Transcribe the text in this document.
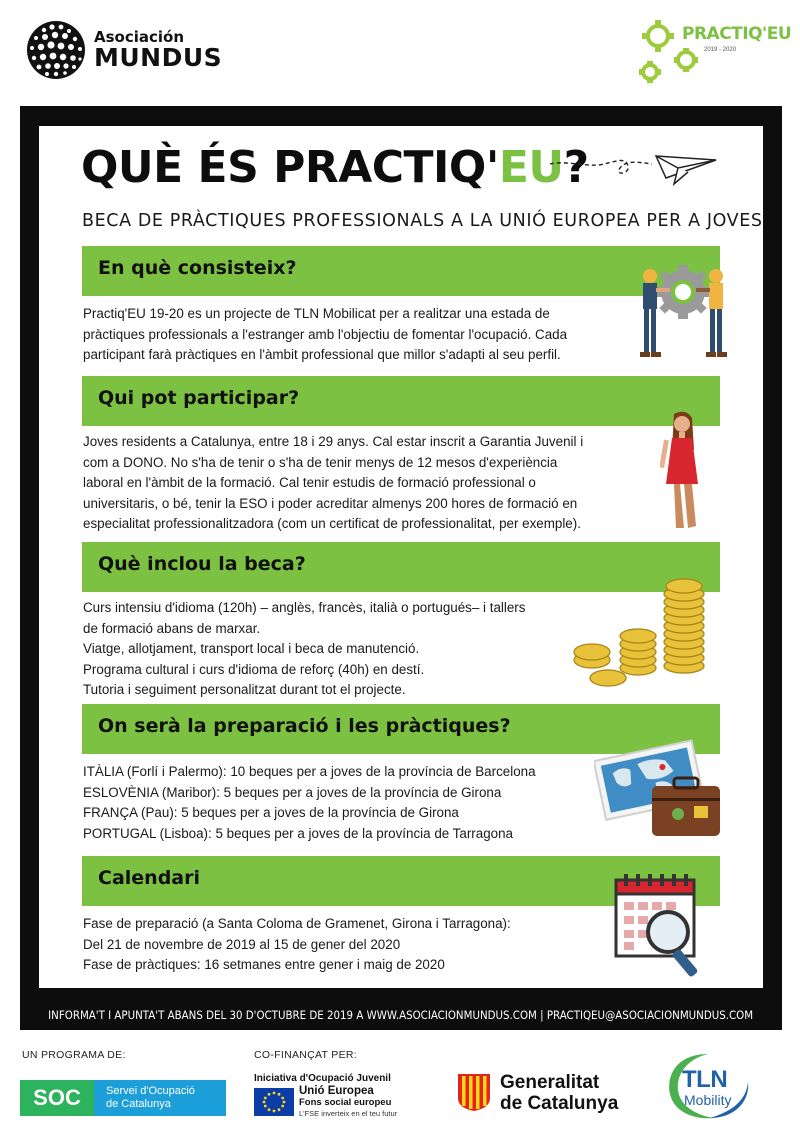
Asociación
MUNDUS
PRACTIQ'EU
2019 - 2020
QUÈ ÉS PRACTIQ'EU?
BECA DE PRÀCTIQUES PROFESSIONALS A LA UNIÓ EUROPEA PER A JOVES
En què consisteix?

Practiq'EU 19-20 es un projecte de TLN Mobilicat per a realitzar una estada de

pràctiques professionals a l'estranger amb l'objectiu de fomentar l'ocupació. Cada

participant farà pràctiques en l'àmbit professional que millor s'adapti al seu perfil.

Qui pot participar?

Joves residents a Catalunya, entre 18 i 29 anys. Cal estar inscrit a Garantia Juvenil i

com a DONO. No s'ha de tenir o s'ha de tenir menys de 12 mesos d'experiència

laboral en l'àmbit de la formació. Cal tenir estudis de formació professional o

universitaris, o bé, tenir la ESO i poder acreditar almenys 200 hores de formació en

especialitat professionalitzadora (com un certificat de professionalitat, per exemple).

Què inclou la beca?

Curs intensiu d'idioma (120h) – anglès, francès, italià o portugués– i tallers

de formació abans de marxar.

Viatge, allotjament, transport local i beca de manutenció.

Programa cultural i curs d'idioma de reforç (40h) en destí.

Tutoria i seguiment personalitzat durant tot el projecte.

On serà la preparació i les pràctiques?

ITÀLIA (Forlí i Palermo): 10 beques per a joves de la província de Barcelona

ESLOVÈNIA (Maribor): 5 beques per a joves de la província de Girona

FRANÇA (Pau): 5 beques per a joves de la província de Girona

PORTUGAL (Lisboa): 5 beques per a joves de la província de Tarragona

Calendari

Fase de preparació (a Santa Coloma de Gramenet, Girona i Tarragona):

Del 21 de novembre de 2019 al 15 de gener del 2020

Fase de pràctiques: 16 setmanes entre gener i maig de 2020

INFORMA'T I APUNTA'T ABANS DEL 30 D'OCTUBRE DE 2019 A WWW.ASOCIACIONMUNDUS.COM | PRACTIQEU@ASOCIACIONMUNDUS.COM
UN PROGRAMA DE:	CO-FINANÇAT PER:
SOC	Servei d'Ocupació
de Catalunya
Iniciativa d'Ocupació Juvenil
Unió Europea
Fons social europeu
L'FSE inverteix en el teu futur
Generalitat
de Catalunya
TLN
Mobility
